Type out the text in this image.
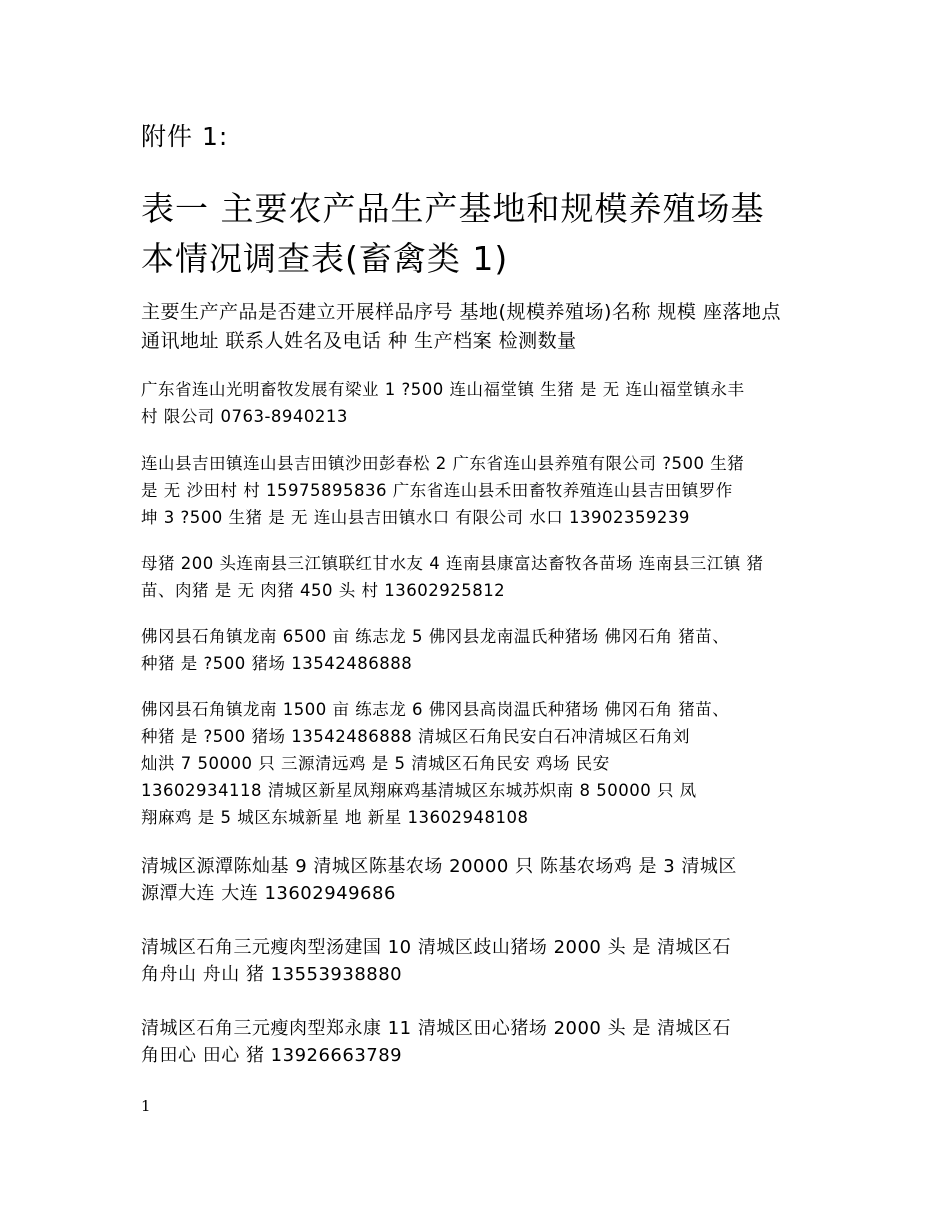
附件 1:
表一 主要农产品生产基地和规模养殖场基
本情况调查表(畜禽类 1)
主要生产产品是否建立开展样品序号 基地(规模养殖场)名称 规模 座落地点
通讯地址 联系人姓名及电话 种 生产档案 检测数量
广东省连山光明畜牧发展有梁业 1 ?500 连山福堂镇 生猪 是 无 连山福堂镇永丰
村 限公司 0763-8940213
连山县吉田镇连山县吉田镇沙田彭春松 2 广东省连山县养殖有限公司 ?500 生猪
是 无 沙田村 村 15975895836 广东省连山县禾田畜牧养殖连山县吉田镇罗作
坤 3 ?500 生猪 是 无 连山县吉田镇水口 有限公司 水口 13902359239
母猪 200 头连南县三江镇联红甘水友 4 连南县康富达畜牧各苗场 连南县三江镇 猪
苗、肉猪 是 无 肉猪 450 头 村 13602925812
佛冈县石角镇龙南 6500 亩 练志龙 5 佛冈县龙南温氏种猪场 佛冈石角 猪苗、
种猪 是 ?500 猪场 13542486888
佛冈县石角镇龙南 1500 亩 练志龙 6 佛冈县高岗温氏种猪场 佛冈石角 猪苗、
种猪 是 ?500 猪场 13542486888 清城区石角民安白石冲清城区石角刘
灿洪 7 50000 只 三源清远鸡 是 5 清城区石角民安 鸡场 民安
13602934118 清城区新星凤翔麻鸡基清城区东城苏炽南 8 50000 只 凤
翔麻鸡 是 5 城区东城新星 地 新星 13602948108
清城区源潭陈灿基 9 清城区陈基农场 20000 只 陈基农场鸡 是 3 清城区
源潭大连 大连 13602949686
清城区石角三元瘦肉型汤建国 10 清城区歧山猪场 2000 头 是 清城区石
角舟山 舟山 猪 13553938880
清城区石角三元瘦肉型郑永康 11 清城区田心猪场 2000 头 是 清城区石
角田心 田心 猪 13926663789
1
